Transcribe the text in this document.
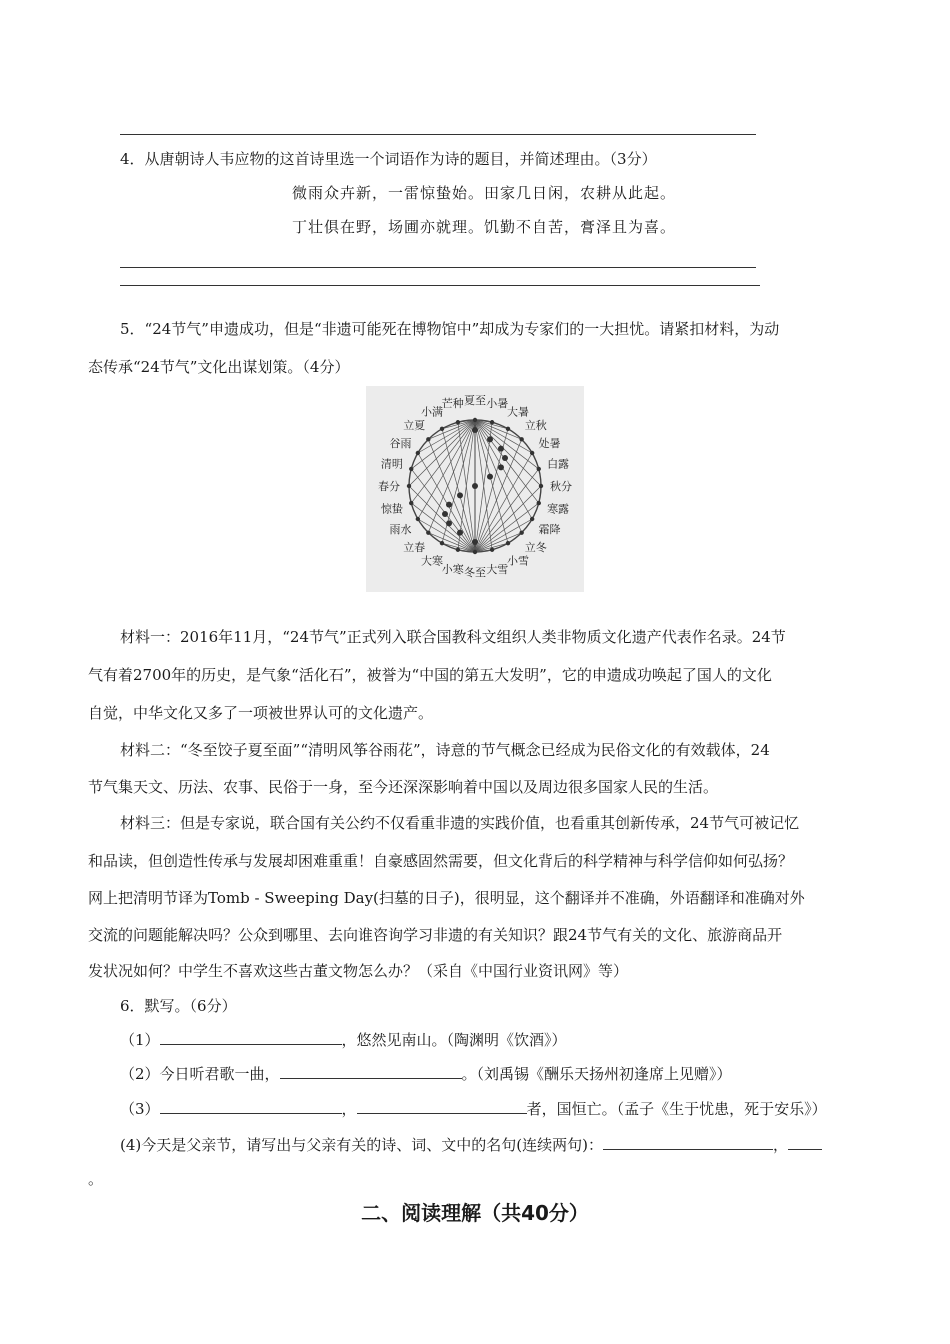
4．从唐朝诗人韦应物的这首诗里选一个词语作为诗的题目，并简述理由。（3分）
微雨众卉新，一雷惊蛰始。田家几日闲，农耕从此起。
丁壮俱在野，场圃亦就理。饥勤不自苦，膏泽且为喜。
5．“24节气”申遗成功，但是“非遗可能死在博物馆中”却成为专家们的一大担忧。请紧扣材料，为动
态传承“24节气”文化出谋划策。（4分）
夏至 小暑
大暑
立秋
处暑
白露
秋分
寒露
霜降
立冬
小雪
大雪
冬至
小寒
大寒
立春
雨水
惊蛰
春分
清明
谷雨
立夏
小满
芒种
材料一：2016年11月，“24节气”正式列入联合国教科文组织人类非物质文化遗产代表作名录。24节
气有着2700年的历史，是气象“活化石”，被誉为“中国的第五大发明”，它的申遗成功唤起了国人的文化
自觉，中华文化又多了一项被世界认可的文化遗产。
材料二：“冬至饺子夏至面”“清明风筝谷雨花”，诗意的节气概念已经成为民俗文化的有效载体，24
节气集天文、历法、农事、民俗于一身，至今还深深影响着中国以及周边很多国家人民的生活。
材料三：但是专家说，联合国有关公约不仅看重非遗的实践价值，也看重其创新传承，24节气可被记忆
和品读，但创造性传承与发展却困难重重！自豪感固然需要，但文化背后的科学精神与科学信仰如何弘扬？
网上把清明节译为Tomb - Sweeping Day(扫墓的日子)，很明显，这个翻译并不准确，外语翻译和准确对外
交流的问题能解决吗？公众到哪里、去向谁咨询学习非遗的有关知识？跟24节气有关的文化、旅游商品开
发状况如何？中学生不喜欢这些古董文物怎么办？（采自《中国行业资讯网》等）
6．默写。（6分）
（1）	，悠然见南山。（陶渊明《饮酒》）
（2）今日听君歌一曲，	。（刘禹锡《酬乐天扬州初逢席上见赠》）
（3）	，	者，国恒亡。（孟子《生于忧患，死于安乐》）
(4)今天是父亲节，请写出与父亲有关的诗、词、文中的名句(连续两句)：	，
。
二、阅读理解（共40分）
